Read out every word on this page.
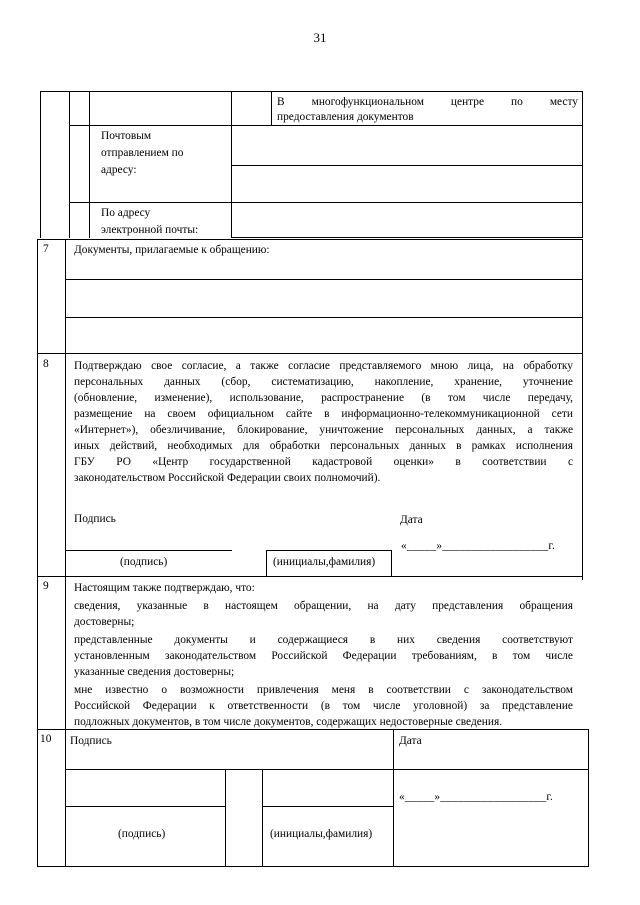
31
В многофункциональном центре по месту
предоставления документов
Почтовым
отправлением по
адресу:
По адресу
электронной почты:
7 Документы, прилагаемые к обращению:
8 Подтверждаю свое согласие, а также согласие представляемого мною лица, на обработку
персональных данных (сбор, систематизацию, накопление, хранение, уточнение
(обновление, изменение), использование, распространение (в том числе передачу,
размещение на своем официальном сайте в информационно-телекоммуникационной сети
«Интернет»), обезличивание, блокирование, уничтожение персональных данных, а также
иных действий, необходимых для обработки персональных данных в рамках исполнения
ГБУ РО «Центр государственной кадастровой оценки» в соответствии с
законодательством Российской Федерации своих полномочий).
Подпись	Дата
«_____»__________________г.
(подпись)	(инициалы,фамилия)
9 Настоящим также подтверждаю, что:
сведения, указанные в настоящем обращении, на дату представления обращения
достоверны;
представленные документы и содержащиеся в них сведения соответствуют
установленным законодательством Российской Федерации требованиям, в том числе
указанные сведения достоверны;
мне известно о возможности привлечения меня в соответствии с законодательством
Российской Федерации к ответственности (в том числе уголовной) за представление
подложных документов, в том числе документов, содержащих недостоверные сведения.
10 Подпись	Дата
«_____»__________________г.
(подпись)	(инициалы,фамилия)
